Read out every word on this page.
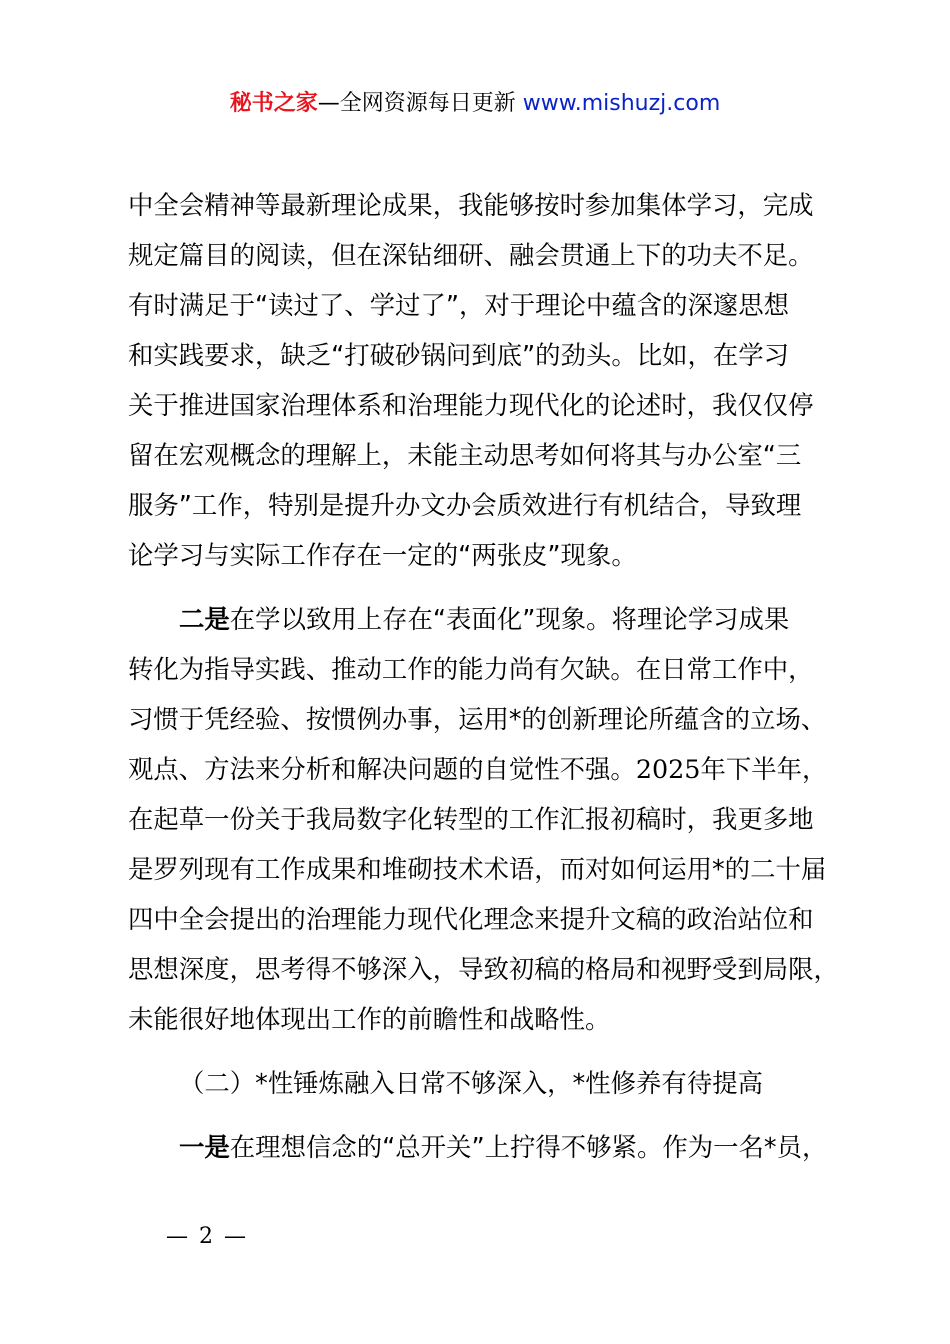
秘书之家—全网资源每日更新 www.mishuzj.com
中全会精神等最新理论成果，我能够按时参加集体学习，完成
规定篇目的阅读，但在深钻细研、融会贯通上下的功夫不足。
有时满足于“读过了、学过了”，对于理论中蕴含的深邃思想
和实践要求，缺乏“打破砂锅问到底”的劲头。比如，在学习
关于推进国家治理体系和治理能力现代化的论述时，我仅仅停
留在宏观概念的理解上，未能主动思考如何将其与办公室“三
服务”工作，特别是提升办文办会质效进行有机结合，导致理
论学习与实际工作存在一定的“两张皮”现象。
二是在学以致用上存在“表面化”现象。将理论学习成果
转化为指导实践、推动工作的能力尚有欠缺。在日常工作中，
习惯于凭经验、按惯例办事，运用*的创新理论所蕴含的立场、
观点、方法来分析和解决问题的自觉性不强。2025年下半年，
在起草一份关于我局数字化转型的工作汇报初稿时，我更多地
是罗列现有工作成果和堆砌技术术语，而对如何运用*的二十届
四中全会提出的治理能力现代化理念来提升文稿的政治站位和
思想深度，思考得不够深入，导致初稿的格局和视野受到局限，
未能很好地体现出工作的前瞻性和战略性。
（二）*性锤炼融入日常不够深入，*性修养有待提高
一是在理想信念的“总开关”上拧得不够紧。作为一名*员，
— 2 —
